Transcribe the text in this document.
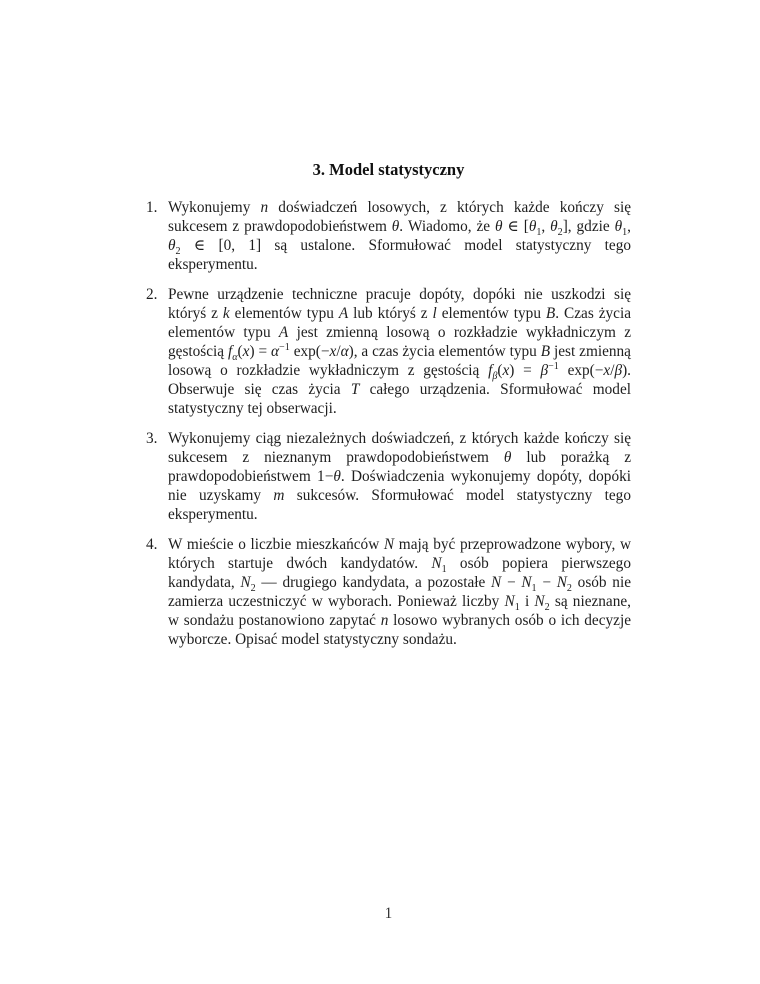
3. Model statystyczny
1. Wykonujemy n doświadczeń losowych, z których każde kończy się sukcesem z prawdopodobieństwem θ. Wiadomo, że θ ∈ [$\theta_1$, $\theta_2$], gdzie $\theta_1$, $\theta_2$ ∈ [0, 1] są ustalone. Sformułować model statystyczny tego eksperymentu.
2. Pewne urządzenie techniczne pracuje dopóty, dopóki nie uszkodzi się któryś z k elementów typu A lub któryś z l elementów typu B. Czas życia elementów typu A jest zmienną losową o rozkładzie wykładniczym z gęstością $f_\alpha(x) = \alpha^{-1}$ exp(−x/α), a czas życia elementów typu B jest zmienną losową o rozkładzie wykładniczym z gęstością $f_\beta(x) = \beta^{-1}$ exp(−x/β). Obserwuje się czas życia T całego urządzenia. Sformułować model statystyczny tej obserwacji.
3. Wykonujemy ciąg niezależnych doświadczeń, z których każde kończy się sukcesem z nieznanym prawdopodobieństwem θ lub porażką z prawdopodobieństwem 1−θ. Doświadczenia wykonujemy dopóty, dopóki nie uzyskamy m sukcesów. Sformułować model statystyczny tego eksperymentu.
4. W mieście o liczbie mieszkańców N mają być przeprowadzone wybory, w których startuje dwóch kandydatów. $N_1$ osób popiera pierwszego kandydata, $N_2$ — drugiego kandydata, a pozostałe $N - N_1 - N_2$ osób nie zamierza uczestniczyć w wyborach. Ponieważ liczby $N_1$ i $N_2$ są nieznane, w sondażu postanowiono zapytać n losowo wybranych osób o ich decyzje wyborcze. Opisać model statystyczny sondażu.
1
